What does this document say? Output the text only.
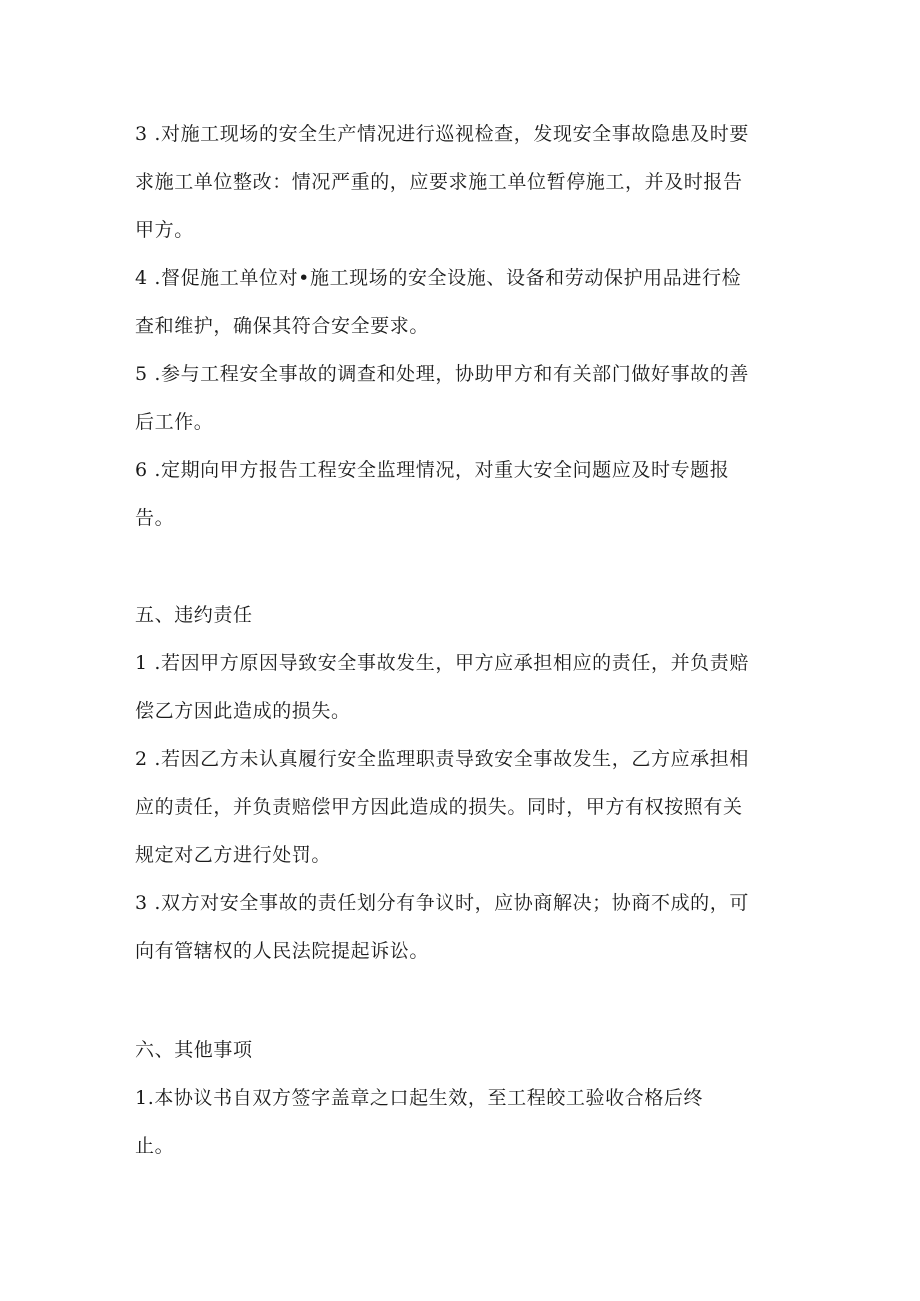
3 .对施工现场的安全生产情况进行巡视检查，发现安全事故隐患及时要
求施工单位整改：情况严重的，应要求施工单位暂停施工，并及时报告
甲方。
4 .督促施工单位对•施工现场的安全设施、设备和劳动保护用品进行检
查和维护，确保其符合安全要求。
5 .参与工程安全事故的调查和处理，协助甲方和有关部门做好事故的善
后工作。
6 .定期向甲方报告工程安全监理情况，对重大安全问题应及时专题报
告。
五、违约责任
1 .若因甲方原因导致安全事故发生，甲方应承担相应的责任，并负责赔
偿乙方因此造成的损失。
2 .若因乙方未认真履行安全监理职责导致安全事故发生，乙方应承担相
应的责任，并负责赔偿甲方因此造成的损失。同时，甲方有权按照有关
规定对乙方进行处罚。
3 .双方对安全事故的责任划分有争议时，应协商解决；协商不成的，可
向有管辖权的人民法院提起诉讼。
六、其他事项
1.本协议书自双方签字盖章之口起生效，至工程皎工验收合格后终
止。
